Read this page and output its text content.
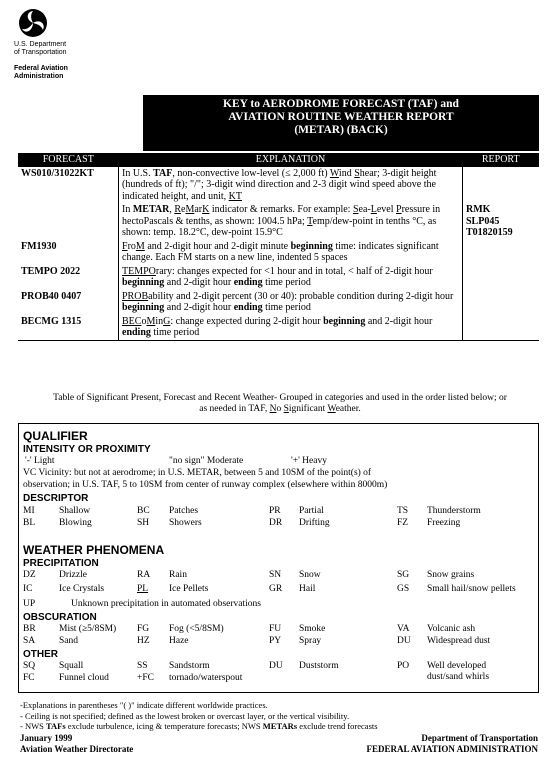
U.S. Department
of Transportation
Federal Aviation
Administration
KEY to AERODROME FORECAST (TAF) and
AVIATION ROUTINE WEATHER REPORT
(METAR) (BACK)
FORECAST	EXPLANATION	REPORT
WS010/31022KT	In U.S. TAF, non-convective low-level (≤ 2,000 ft) Wind Shear; 3-digit height (hundreds of ft); "/"; 3-digit wind direction and 2-3 digit wind speed above the indicated height, and unit, KT	
	In METAR, ReMarK indicator & remarks. For example: Sea-Level Pressure in hectoPascals & tenths, as shown: 1004.5 hPa; Temp/dew-point in tenths °C, as shown: temp. 18.2°C, dew-point 15.9°C	RMK
SLP045
T01820159

FM1930	FroM and 2-digit hour and 2-digit minute beginning time: indicates significant change. Each FM starts on a new line, indented 5 spaces	
TEMPO 2022	TEMPOrary: changes expected for <1 hour and in total, < half of 2-digit hour beginning and 2-digit hour ending time period	
PROB40 0407	PROBability and 2-digit percent (30 or 40): probable condition during 2-digit hour beginning and 2-digit hour ending time period	
BECMG 1315	BECoMinG: change expected during 2-digit hour beginning and 2-digit hour ending time period	
Table of Significant Present, Forecast and Recent Weather- Grouped in categories and used in the order listed below; or as needed in TAF, No Significant Weather.
QUALIFIER
INTENSITY OR PROXIMITY
'-' Light	"no sign" Moderate	'+' Heavy
VC Vicinity: but not at aerodrome; in U.S. METAR, between 5 and 10SM of the point(s) of
observation; in U.S. TAF, 5 to 10SM from center of runway complex (elsewhere within 8000m)
DESCRIPTOR
MI	Shallow	BC Patches	PR Partial	TS Thunderstorm
BL	Blowing	SH Showers	DR Drifting	FZ Freezing
WEATHER PHENOMENA
PRECIPITATION
DZ Drizzle	RA Rain	SN Snow	SG Snow grains
IC	Ice Crystals	PL Ice Pellets	GR Hail	GS Small hail/snow pellets
UP	Unknown precipitation in automated observations
OBSCURATION
BR Mist (≥5/8SM) FG Fog (<5/8SM)	FU Smoke	VA Volcanic ash
SA	Sand	HZ Haze	PY Spray	DU Widespread dust
OTHER
SQ	Squall	SS Sandstorm	DU Duststorm	PO Well developed dust/sand whirls
FC	Funnel cloud	+FC tornado/waterspout
-Explanations in parentheses "( )" indicate different worldwide practices.
- Ceiling is not specified; defined as the lowest broken or overcast layer, or the vertical visibility.
- NWS TAFs exclude turbulence, icing & temperature forecasts; NWS METARs exclude trend forecasts
January 1999
Aviation Weather Directorate
Department of Transportation
FEDERAL AVIATION ADMINISTRATION
